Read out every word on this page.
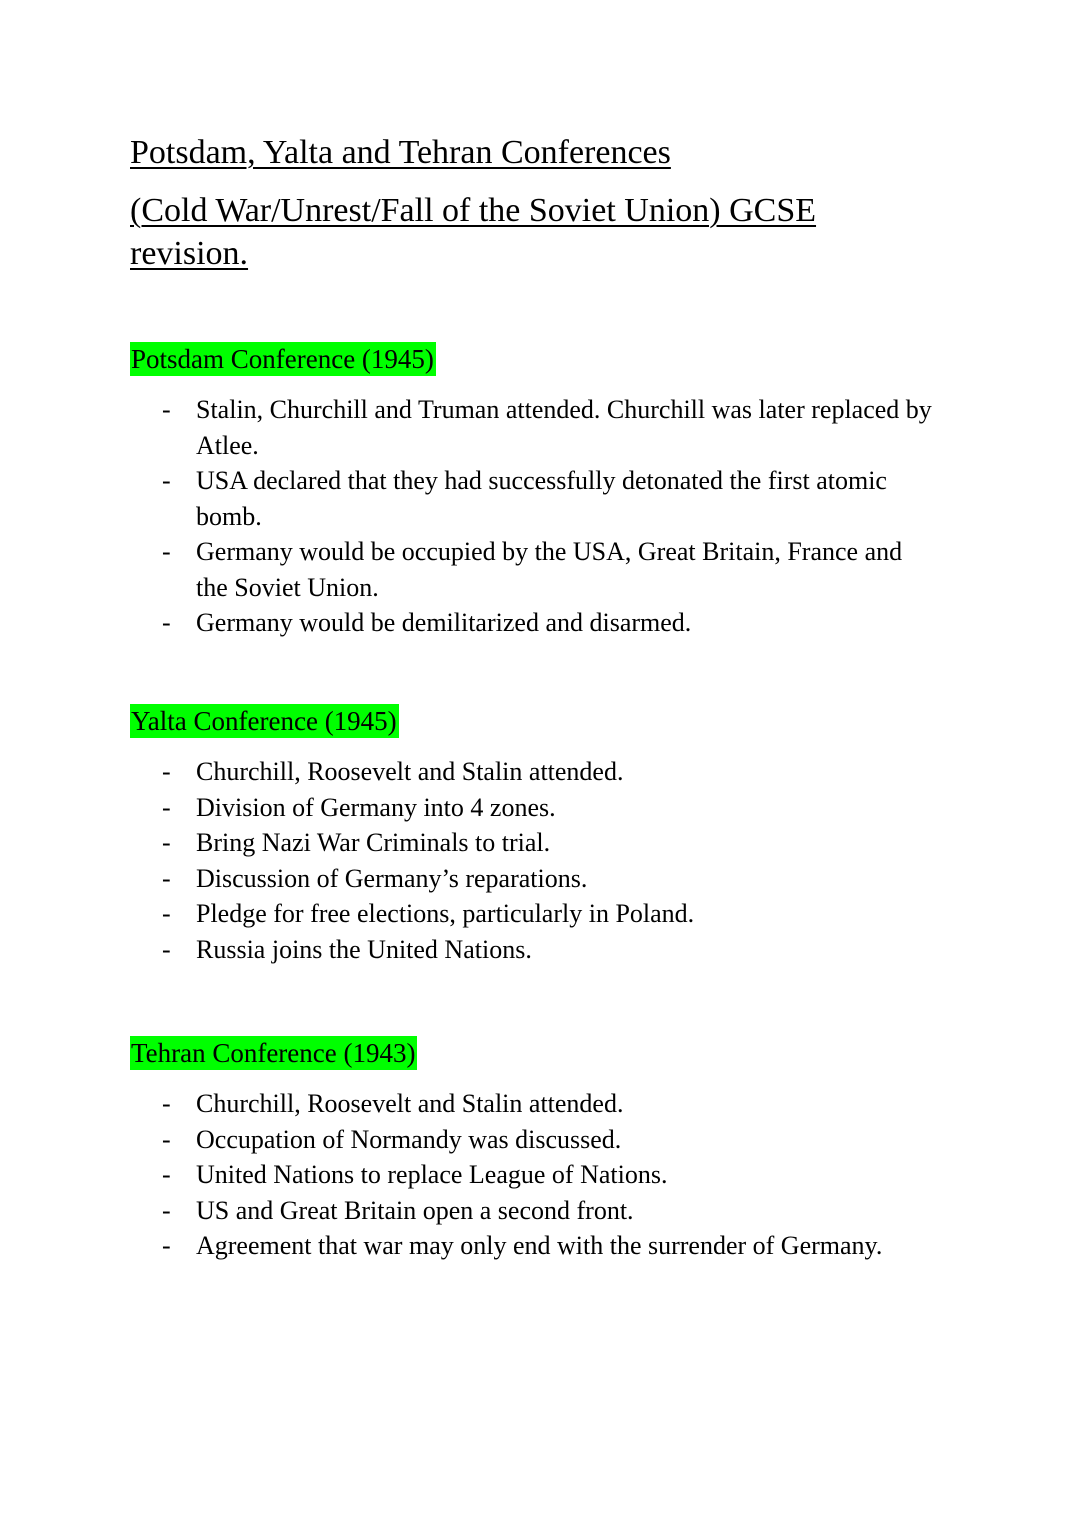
Potsdam, Yalta and Tehran Conferences
(Cold War/Unrest/Fall of the Soviet Union) GCSE revision.
Potsdam Conference (1945)
- Stalin, Churchill and Truman attended. Churchill was later replaced by Atlee.
- USA declared that they had successfully detonated the first atomic bomb.
- Germany would be occupied by the USA, Great Britain, France and the Soviet Union.
- Germany would be demilitarized and disarmed.
Yalta Conference (1945)
- Churchill, Roosevelt and Stalin attended.
- Division of Germany into 4 zones.
- Bring Nazi War Criminals to trial.
- Discussion of Germany’s reparations.
- Pledge for free elections, particularly in Poland.
- Russia joins the United Nations.
Tehran Conference (1943)
- Churchill, Roosevelt and Stalin attended.
- Occupation of Normandy was discussed.
- United Nations to replace League of Nations.
- US and Great Britain open a second front.
- Agreement that war may only end with the surrender of Germany.
